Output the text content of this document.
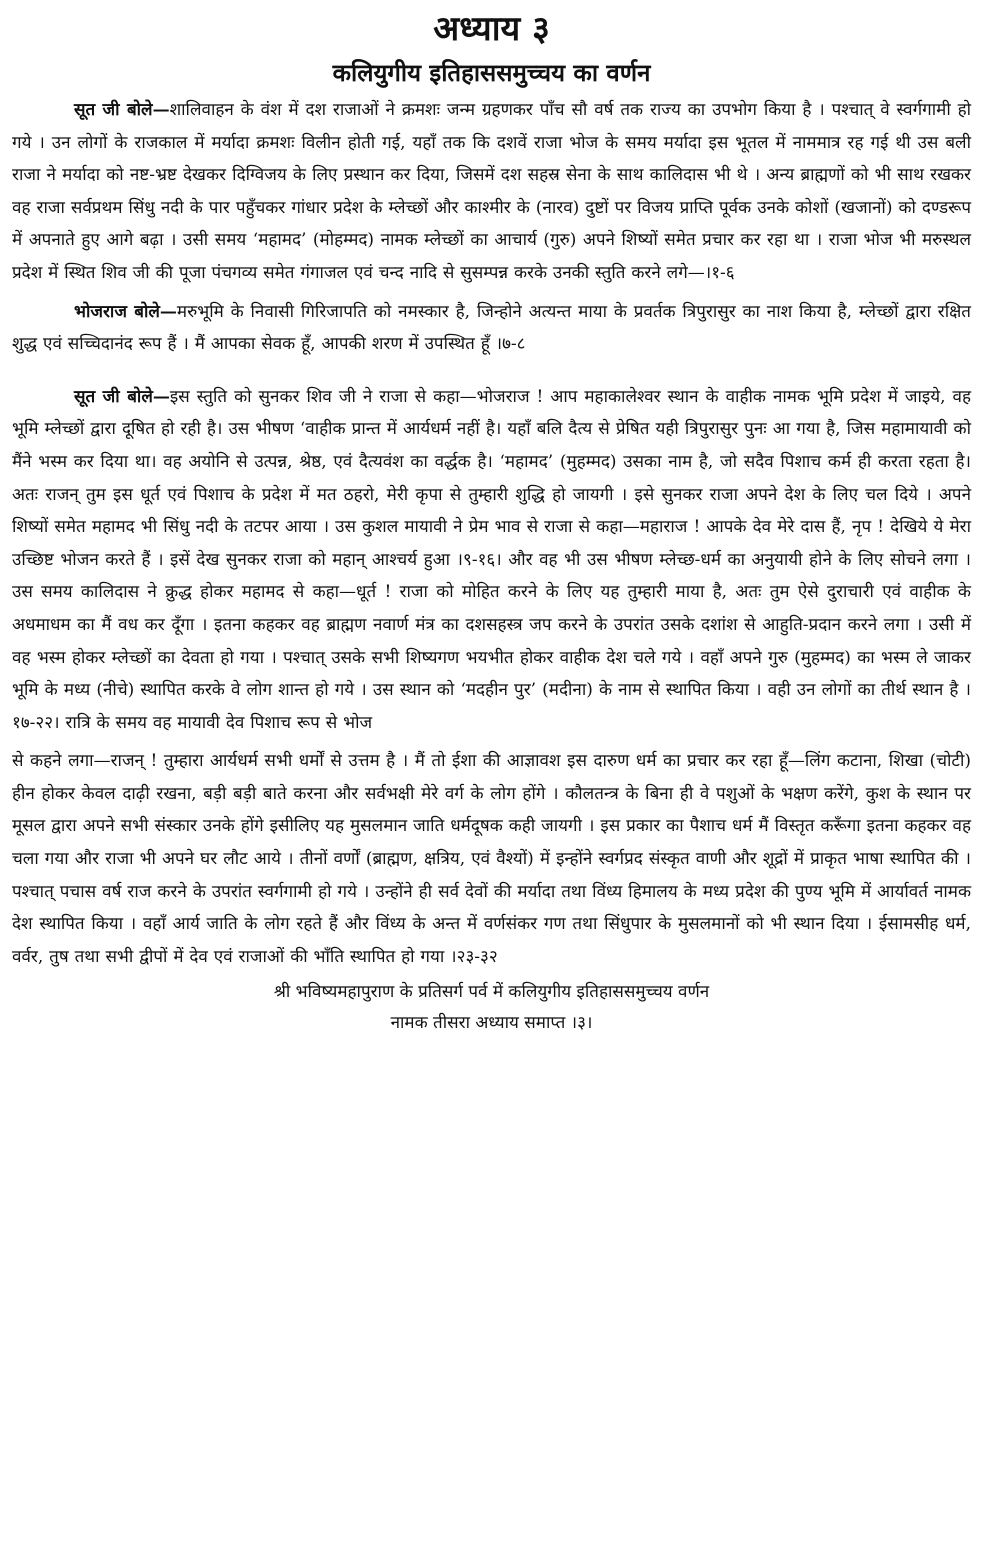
अध्याय ३
कलियुगीय इतिहाससमुच्चय का वर्णन

सूत जी बोले—शालिवाहन के वंश में दश राजाओं ने क्रमशः जन्म ग्रहणकर पाँच सौ वर्ष तक राज्य का उपभोग किया है । पश्चात् वे स्वर्गगामी हो गये । उन लोगों के राजकाल में मर्यादा क्रमशः विलीन होती गई, यहाँ तक कि दशवें राजा भोज के समय मर्यादा इस भूतल में नाममात्र रह गई थी उस बली राजा ने मर्यादा को नष्ट-भ्रष्ट देखकर दिग्विजय के लिए प्रस्थान कर दिया, जिसमें दश सहस्र सेना के साथ कालिदास भी थे । अन्य ब्राह्मणों को भी साथ रखकर वह राजा सर्वप्रथम सिंधु नदी के पार पहुँचकर गांधार प्रदेश के म्लेच्छों और काश्मीर के (नारव) दुष्टों पर विजय प्राप्ति पूर्वक उनके कोशों (खजानों) को दण्डरूप में अपनाते हुए आगे बढ़ा । उसी समय ‘महामद’ (मोहम्मद) नामक म्लेच्छों का आचार्य (गुरु) अपने शिष्यों समेत प्रचार कर रहा था । राजा भोज भी मरुस्थल प्रदेश में स्थित शिव जी की पूजा पंचगव्य समेत गंगाजल एवं चन्द नादि से सुसम्पन्न करके उनकी स्तुति करने लगे—।१-६

भोजराज बोले—मरुभूमि के निवासी गिरिजापति को नमस्कार है, जिन्होने अत्यन्त माया के प्रवर्तक त्रिपुरासुर का नाश किया है, म्लेच्छों द्वारा रक्षित शुद्ध एवं सच्चिदानंद रूप हैं । मैं आपका सेवक हूँ, आपकी शरण में उपस्थित हूँ ।७-८

सूत जी बोले—इस स्तुति को सुनकर शिव जी ने राजा से कहा—भोजराज ! आप महाकालेश्वर स्थान के वाहीक नामक भूमि प्रदेश में जाइये, वह भूमि म्लेच्छों द्वारा दूषित हो रही है। उस भीषण ‘वाहीक प्रान्त में आर्यधर्म नहीं है। यहाँ बलि दैत्य से प्रेषित यही त्रिपुरासुर पुनः आ गया है, जिस महामायावी को मैंने भस्म कर दिया था। वह अयोनि से उत्पन्न, श्रेष्ठ, एवं दैत्यवंश का वर्द्धक है। ‘महामद’ (मुहम्मद) उसका नाम है, जो सदैव पिशाच कर्म ही करता रहता है। अतः राजन् तुम इस धूर्त एवं पिशाच के प्रदेश में मत ठहरो, मेरी कृपा से तुम्हारी शुद्धि हो जायगी । इसे सुनकर राजा अपने देश के लिए चल दिये । अपने शिष्यों समेत महामद भी सिंधु नदी के तटपर आया । उस कुशल मायावी ने प्रेम भाव से राजा से कहा—महाराज ! आपके देव मेरे दास हैं, नृप ! देखिये ये मेरा उच्छिष्ट भोजन करते हैं । इसें देख सुनकर राजा को महान् आश्चर्य हुआ ।९-१६। और वह भी उस भीषण म्लेच्छ-धर्म का अनुयायी होने के लिए सोचने लगा । उस समय कालिदास ने क्रुद्ध होकर महामद से कहा—धूर्त ! राजा को मोहित करने के लिए यह तुम्हारी माया है, अतः तुम ऐसे दुराचारी एवं वाहीक के अधमाधम का मैं वध कर दूँगा । इतना कहकर वह ब्राह्मण नवार्ण मंत्र का दशसहस्त्र जप करने के उपरांत उसके दशांश से आहुति-प्रदान करने लगा । उसी में वह भस्म होकर म्लेच्छों का देवता हो गया । पश्चात् उसके सभी शिष्यगण भयभीत होकर वाहीक देश चले गये । वहाँ अपने गुरु (मुहम्मद) का भस्म ले जाकर भूमि के मध्य (नीचे) स्थापित करके वे लोग शान्त हो गये । उस स्थान को ‘मदहीन पुर’ (मदीना) के नाम से स्थापित किया । वही उन लोगों का तीर्थ स्थान है ।१७-२२। रात्रि के समय वह मायावी देव पिशाच रूप से भोज

से कहने लगा—राजन् ! तुम्हारा आर्यधर्म सभी धर्मों से उत्तम है । मैं तो ईशा की आज्ञावश इस दारुण धर्म का प्रचार कर रहा हूँ—लिंग कटाना, शिखा (चोटी) हीन होकर केवल दाढ़ी रखना, बड़ी बड़ी बाते करना और सर्वभक्षी मेरे वर्ग के लोग होंगे । कौलतन्त्र के बिना ही वे पशुओं के भक्षण करेंगे, कुश के स्थान पर मूसल द्वारा अपने सभी संस्कार उनके होंगे इसीलिए यह मुसलमान जाति धर्मदूषक कही जायगी । इस प्रकार का पैशाच धर्म मैं विस्तृत करूँगा इतना कहकर वह चला गया और राजा भी अपने घर लौट आये । तीनों वर्णों (ब्राह्मण, क्षत्रिय, एवं वैश्यों) में इन्होंने स्वर्गप्रद संस्कृत वाणी और शूद्रों में प्राकृत भाषा स्थापित की । पश्चात् पचास वर्ष राज करने के उपरांत स्वर्गगामी हो गये । उन्होंने ही सर्व देवों की मर्यादा तथा विंध्य हिमालय के मध्य प्रदेश की पुण्य भूमि में आर्यावर्त नामक देश स्थापित किया । वहाँ आर्य जाति के लोग रहते हैं और विंध्य के अन्त में वर्णसंकर गण तथा सिंधुपार के मुसलमानों को भी स्थान दिया । ईसामसीह धर्म, वर्वर, तुष तथा सभी द्वीपों में देव एवं राजाओं की भाँति स्थापित हो गया ।२३-३२

श्री भविष्यमहापुराण के प्रतिसर्ग पर्व में कलियुगीय इतिहाससमुच्चय वर्णन
नामक तीसरा अध्याय समाप्त ।३।
